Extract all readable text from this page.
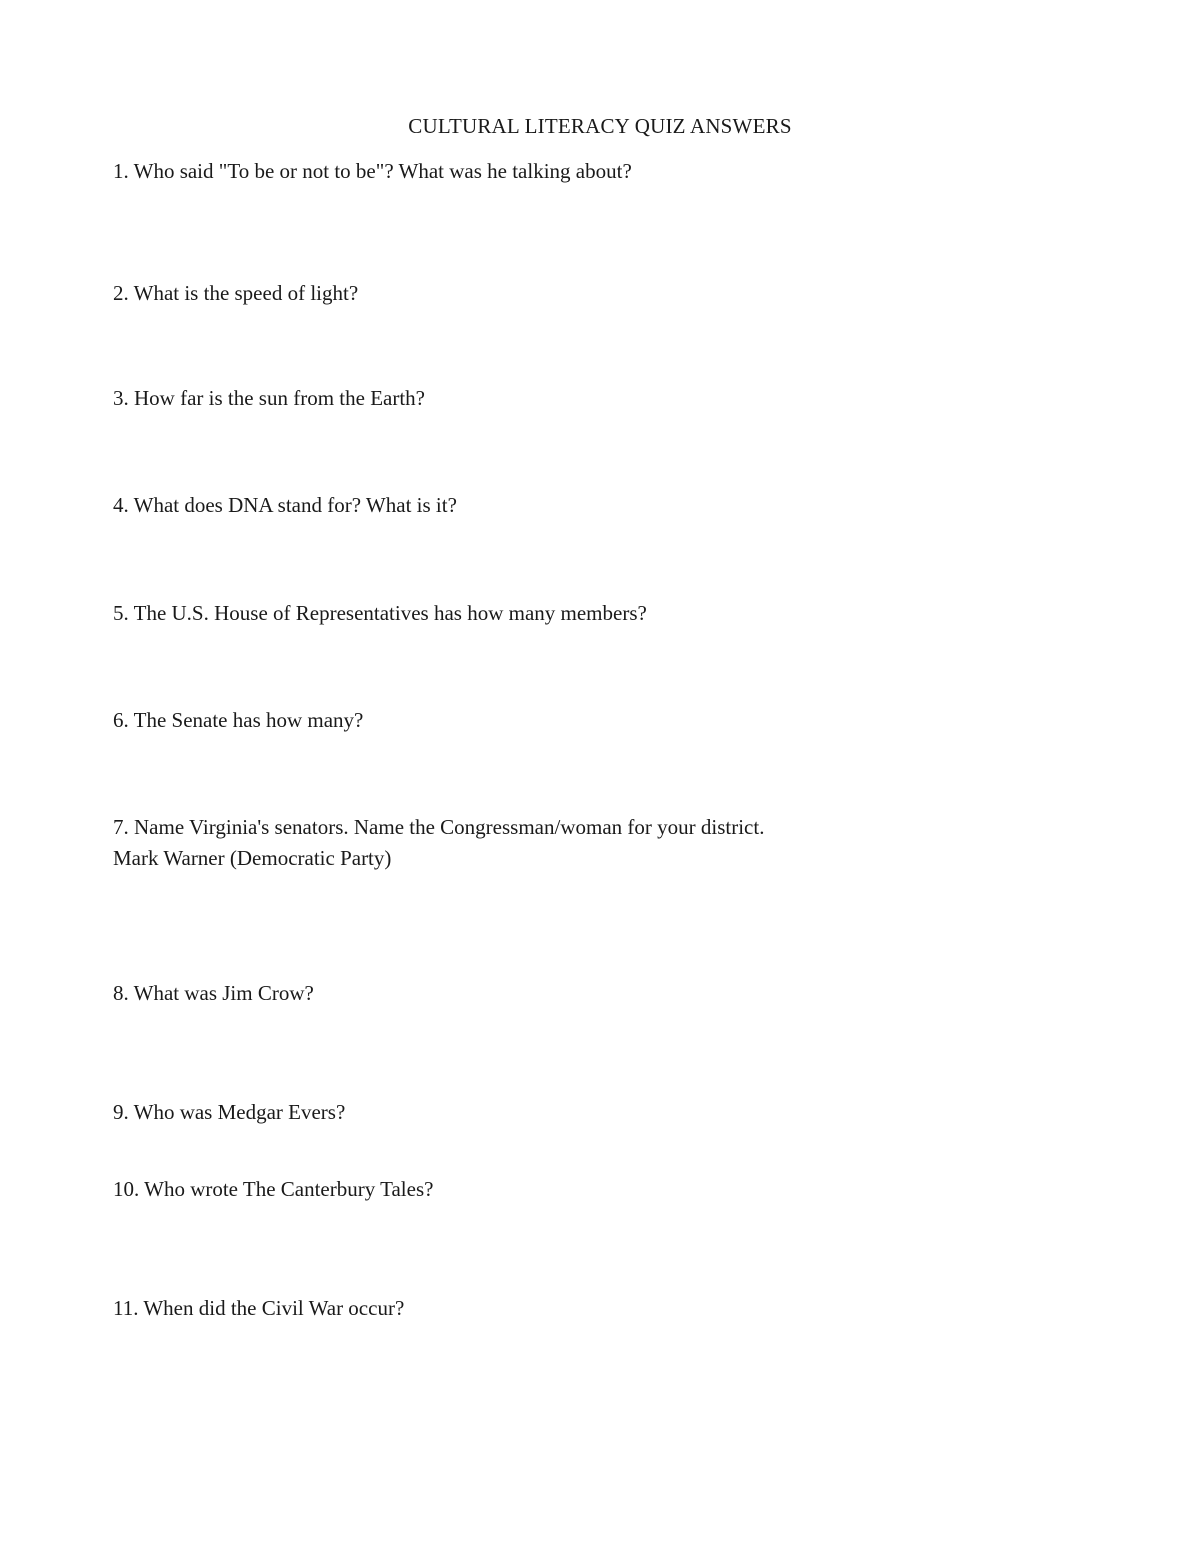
CULTURAL LITERACY QUIZ ANSWERS
1. Who said "To be or not to be"? What was he talking about?
2. What is the speed of light?
3. How far is the sun from the Earth?
4. What does DNA stand for? What is it?
5. The U.S. House of Representatives has how many members?
6. The Senate has how many?
7. Name Virginia's senators. Name the Congressman/woman for your district.
Mark Warner (Democratic Party)
8. What was Jim Crow?
9. Who was Medgar Evers?
10. Who wrote The Canterbury Tales?
11. When did the Civil War occur?
